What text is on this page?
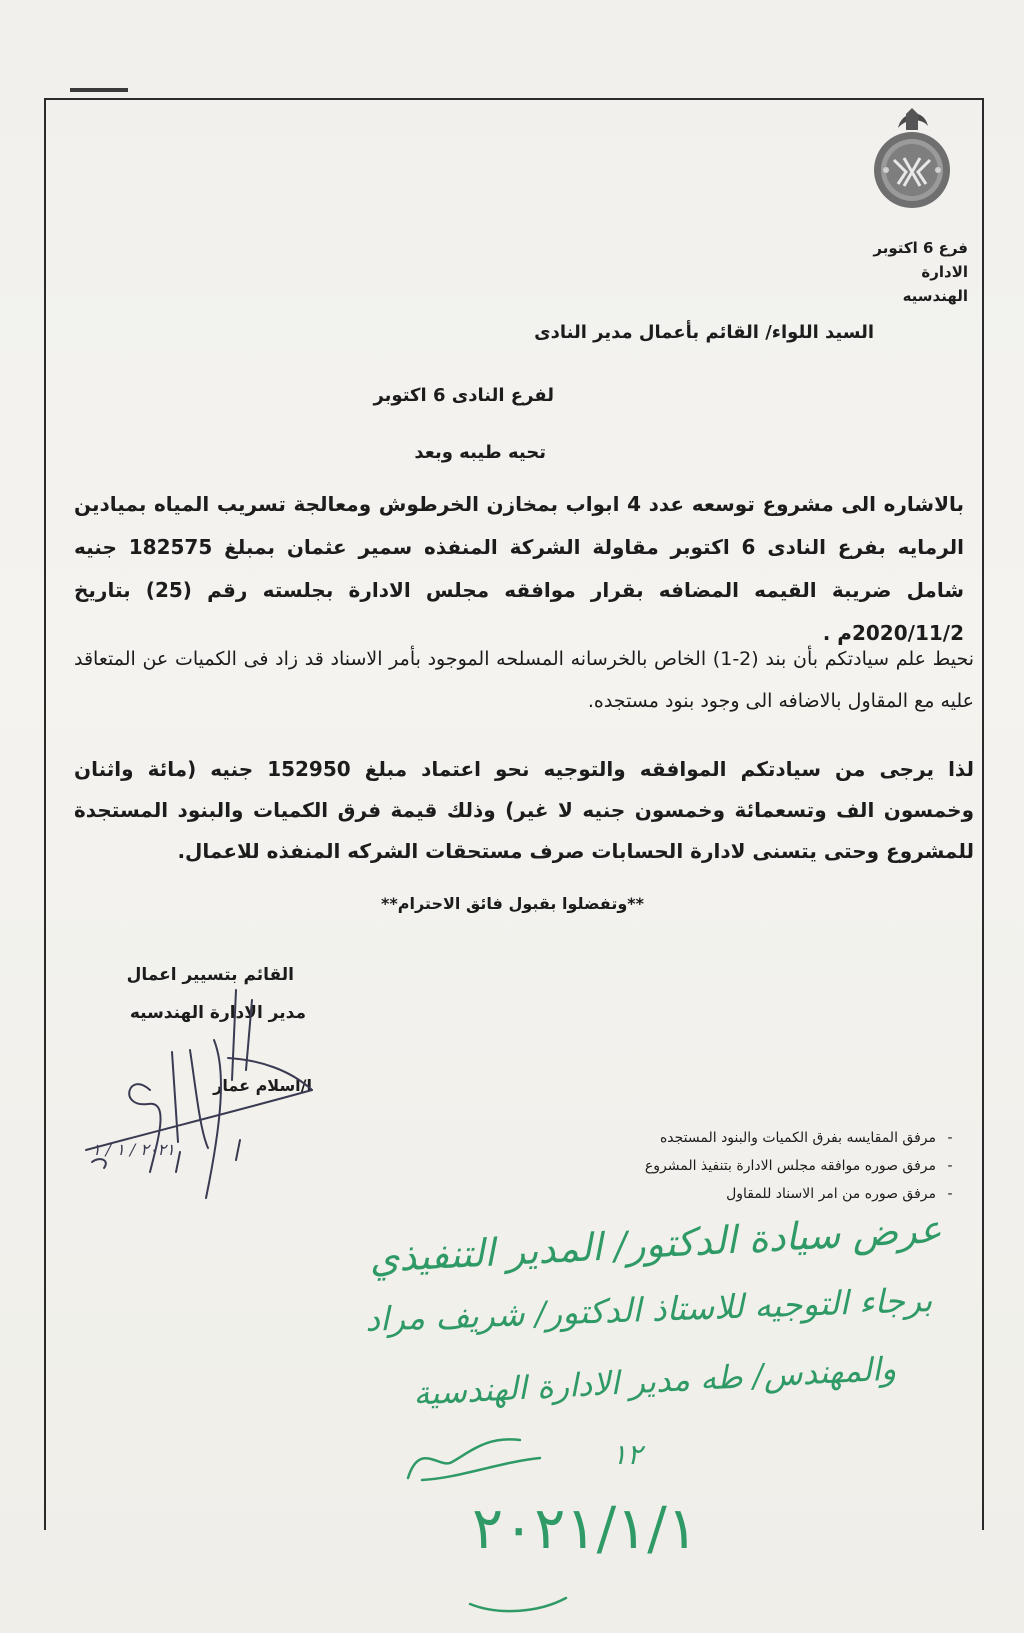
فرع 6 اكتوبر
الادارة الهندسيه
السيد اللواء/ القائم بأعمال مدير النادى
لفرع النادى 6 اكتوبر
تحيه طيبه وبعد
بالاشاره الى مشروع توسعه عدد 4 ابواب بمخازن الخرطوش ومعالجة تسريب المياه بميادين الرمايه بفرع النادى 6 اكتوبر مقاولة الشركة المنفذه سمير عثمان بمبلغ 182575 جنيه شامل ضريبة القيمه المضافه بقرار موافقه مجلس الادارة بجلسته رقم (25) بتاريخ 2020/11/2م .
نحيط علم سيادتكم بأن بند (2-1) الخاص بالخرسانه المسلحه الموجود بأمر الاسناد قد زاد فى الكميات عن المتعاقد عليه مع المقاول بالاضافه الى وجود بنود مستجده.
لذا يرجى من سيادتكم الموافقه والتوجيه نحو اعتماد مبلغ 152950 جنيه (مائة واثنان وخمسون الف وتسعمائة وخمسون جنيه لا غير) وذلك قيمة فرق الكميات والبنود المستجدة للمشروع وحتى يتسنى لادارة الحسابات صرف مستحقات الشركه المنفذه للاعمال.
**وتفضلوا بقبول فائق الاحترام**
القائم بتسيير اعمال
مدير الادارة الهندسيه
ا/اسلام عمار
-مرفق المقايسه بفرق الكميات والبنود المستجده
-مرفق صوره موافقه مجلس الادارة بتنفيذ المشروع
-مرفق صوره من امر الاسناد للمقاول
٢٠٢١ / ١ / ١
عرض سيادة الدكتور/ المدير التنفيذي
برجاء التوجيه للاستاذ الدكتور/ شريف مراد
والمهندس/ طه مدير الادارة الهندسية
١٢
٢٠٢١/١/١
